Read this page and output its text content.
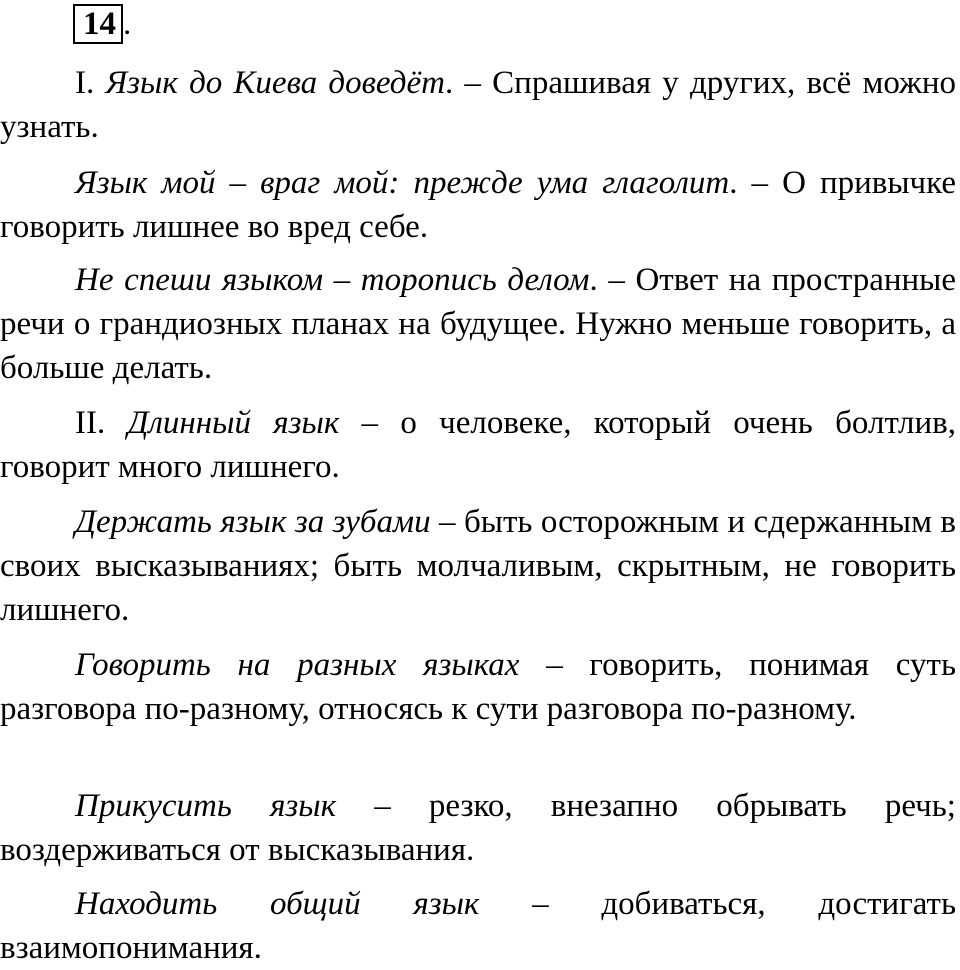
14 .

I. Язык до Киева доведёт. – Спрашивая у других, всё можно узнать.

Язык мой – враг мой: прежде ума глаголит. – О привычке говорить лишнее во вред себе.

Не спеши языком – торопись делом. – Ответ на пространные речи о грандиозных планах на будущее. Нужно меньше говорить, а больше делать.

II. Длинный язык – о человеке, который очень болтлив, говорит много лишнего.

Держать язык за зубами – быть осторожным и сдержанным в своих высказываниях; быть молчаливым, скрытным, не говорить лишнего.

Говорить на разных языках – говорить, понимая суть разговора по-разному, относясь к сути разговора по-разному.

Прикусить язык – резко, внезапно обрывать речь; воздерживаться от высказывания.

Находить общий язык – добиваться, достигать взаимопонимания.
